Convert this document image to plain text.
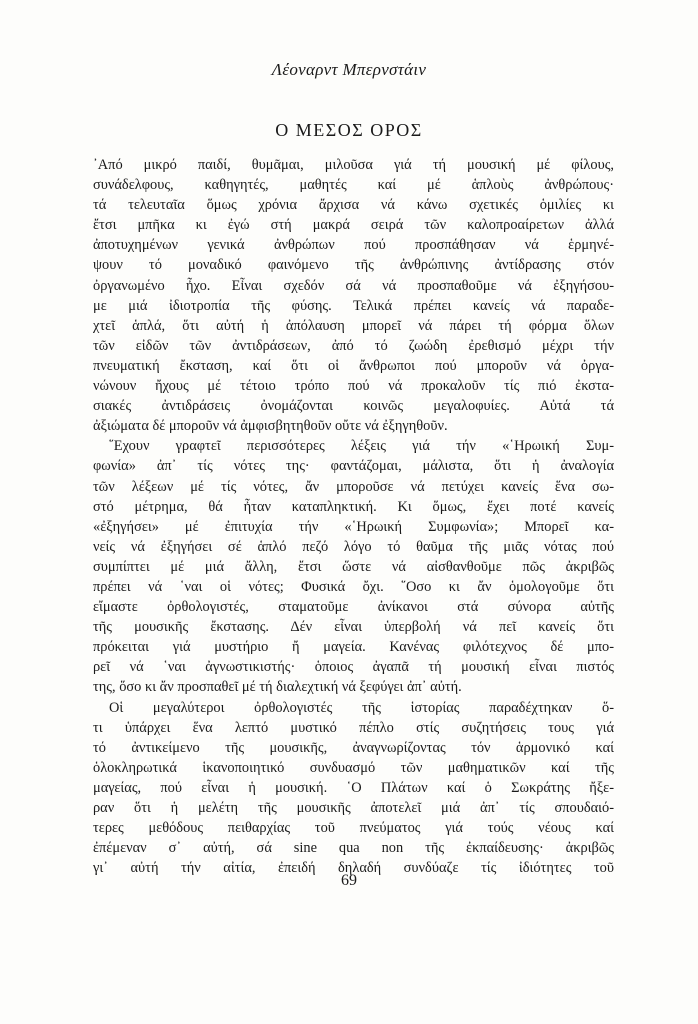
Λέοναρντ Μπερνστάιν
Ο ΜΕΣΟΣ ΟΡΟΣ
᾿Από μικρό παιδί, θυμᾶμαι, μιλοῦσα γιά τή μουσική μέ φίλους,
συνάδελφους, καθηγητές, μαθητές καί μέ ἁπλοὺς ἀνθρώπους·
τά τελευταῖα ὅμως χρόνια ἄρχισα νά κάνω σχετικές ὁμιλίες κι
ἔτσι μπῆκα κι ἐγώ στή μακρά σειρά τῶν καλοπροαίρετων ἀλλά
ἀποτυχημένων γενικά ἀνθρώπων πού προσπάθησαν νά ἑρμηνέ-
ψουν τό μοναδικό φαινόμενο τῆς ἀνθρώπινης ἀντίδρασης στόν
ὀργανωμένο ἦχο. Εἶναι σχεδόν σά νά προσπαθοῦμε νά ἐξηγήσου-
με μιά ἰδιοτροπία τῆς φύσης. Τελικά πρέπει κανείς νά παραδε-
χτεῖ ἁπλά, ὅτι αὐτή ἡ ἀπόλαυση μπορεῖ νά πάρει τή φόρμα ὅλων
τῶν εἰδῶν τῶν ἀντιδράσεων, ἀπό τό ζωώδη ἐρεθισμό μέχρι τήν
πνευματική ἔκσταση, καί ὅτι οἱ ἄνθρωποι πού μποροῦν νά ὀργα-
νώνουν ἤχους μέ τέτοιο τρόπο πού νά προκαλοῦν τίς πιό ἐκστα-
σιακές ἀντιδράσεις ὀνομάζονται κοινῶς μεγαλοφυίες. Αὐτά τά
ἀξιώματα δέ μποροῦν νά ἀμφισβητηθοῦν οὔτε νά ἐξηγηθοῦν.
῞Εχουν γραφτεῖ περισσότερες λέξεις γιά τήν «῾Ηρωική Συμ-
φωνία» ἀπ᾿ τίς νότες της· φαντάζομαι, μάλιστα, ὅτι ἡ ἀναλογία
τῶν λέξεων μέ τίς νότες, ἄν μποροῦσε νά πετύχει κανείς ἕνα σω-
στό μέτρημα, θά ἦταν καταπληκτική. Κι ὅμως, ἔχει ποτέ κανείς
«ἐξηγήσει» μέ ἐπιτυχία τήν «῾Ηρωική Συμφωνία»; Μπορεῖ κα-
νείς νά ἐξηγήσει σέ ἁπλό πεζό λόγο τό θαῦμα τῆς μιᾶς νότας πού
συμπίπτει μέ μιά ἄλλη, ἔτσι ὥστε νά αἰσθανθοῦμε πῶς ἀκριβῶς
πρέπει νά ῾ναι οἱ νότες; Φυσικά ὄχι. ῞Οσο κι ἄν ὁμολογοῦμε ὅτι
εἴμαστε ὀρθολογιστές, σταματοῦμε ἀνίκανοι στά σύνορα αὐτῆς
τῆς μουσικῆς ἔκστασης. Δέν εἶναι ὑπερβολή νά πεῖ κανείς ὅτι
πρόκειται γιά μυστήριο ἤ μαγεία. Κανένας φιλότεχνος δέ μπο-
ρεῖ νά ῾ναι ἀγνωστικιστής· ὁποιος ἀγαπᾶ τή μουσική εἶναι πιστός
της, ὅσο κι ἄν προσπαθεῖ μέ τή διαλεχτική νά ξεφύγει ἀπ᾿ αὐτή.
Οἱ μεγαλύτεροι ὀρθολογιστές τῆς ἱστορίας παραδέχτηκαν ὅ-
τι ὑπάρχει ἕνα λεπτό μυστικό πέπλο στίς συζητήσεις τους γιά
τό ἀντικείμενο τῆς μουσικῆς, ἀναγνωρίζοντας τόν ἁρμονικό καί
ὁλοκληρωτικά ἱκανοποιητικό συνδυασμό τῶν μαθηματικῶν καί τῆς
μαγείας, πού εἶναι ἡ μουσική. ῾Ο Πλάτων καί ὁ Σωκράτης ἤξε-
ραν ὅτι ἡ μελέτη τῆς μουσικῆς ἀποτελεῖ μιά ἀπ᾿ τίς σπουδαιό-
τερες μεθόδους πειθαρχίας τοῦ πνεύματος γιά τούς νέους καί
ἐπέμεναν σ᾿ αὐτή, σά sine qua non τῆς ἐκπαίδευσης· ἀκριβῶς
γι᾿ αὐτή τήν αἰτία, ἐπειδή δηλαδή συνδύαζε τίς ἰδιότητες τοῦ
69
